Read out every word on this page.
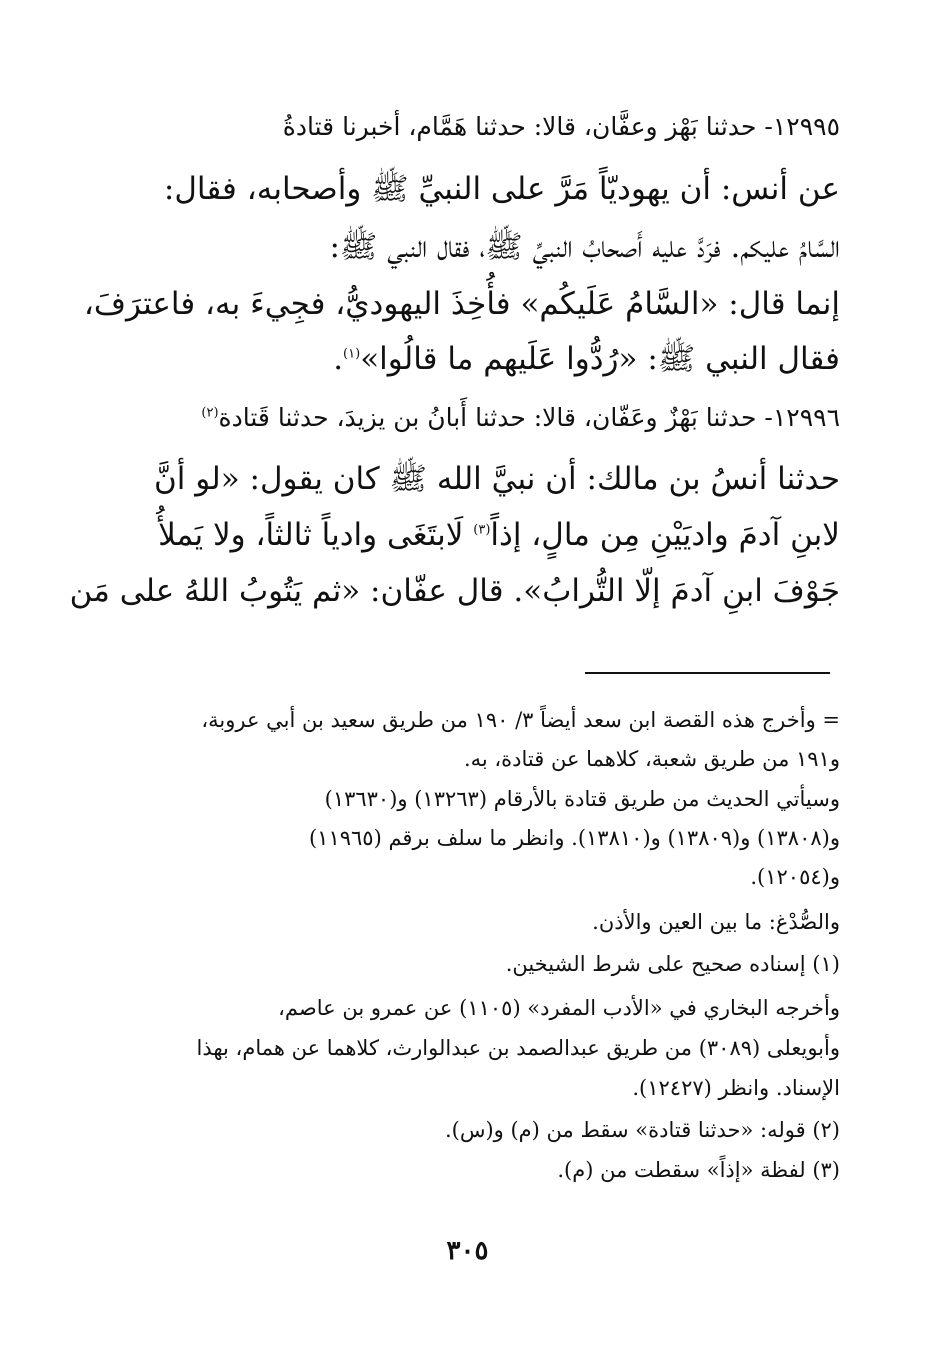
١٢٩٩٥- حدثنا بَهْز وعفَّان، قالا: حدثنا هَمَّام، أخبرنا قتادةُ
عن أنس: أن يهوديّاً مَرَّ على النبيِّ ﷺ وأصحابه، فقال:
السَّامُ عليكم. فرَدَّ عليه أَصحابُ النبيِّ ﷺ، فقال النبي ﷺ:
إنما قال: «السَّامُ عَلَيكُم» فأُخِذَ اليهوديُّ، فجِيءَ به، فاعترَفَ،
فقال النبي ﷺ: «رُدُّوا عَلَيهم ما قالُوا»$^{(١)}$.
١٢٩٩٦- حدثنا بَهْزٌ وعَفّان، قالا: حدثنا أَبانُ بن يزيدَ، حدثنا قَتادة$^{(٢)}$
حدثنا أنسُ بن مالك: أن نبيَّ الله ﷺ كان يقول: «لو أنَّ
لابنِ آدمَ واديَيْنِ مِن مالٍ، إذاً$^{(٣)}$ لَابتَغَى وادياً ثالثاً، ولا يَملأُ
جَوْفَ ابنِ آدمَ إلّا التُّرابُ». قال عفّان: «ثم يَتُوبُ اللهُ على مَن
= وأخرج هذه القصة ابن سعد أيضاً ٣/ ١٩٠ من طريق سعيد بن أبي عروبة،
و١٩١ من طريق شعبة، كلاهما عن قتادة، به.
وسيأتي الحديث من طريق قتادة بالأرقام (١٣٢٦٣) و(١٣٦٣٠)
و(١٣٨٠٨) و(١٣٨٠٩) و(١٣٨١٠). وانظر ما سلف برقم (١١٩٦٥)
و(١٢٠٥٤).
والصُّدْغ: ما بين العين والأذن.
(١) إسناده صحيح على شرط الشيخين.
وأخرجه البخاري في «الأدب المفرد» (١١٠٥) عن عمرو بن عاصم،
وأبويعلى (٣٠٨٩) من طريق عبدالصمد بن عبدالوارث، كلاهما عن همام، بهذا
الإسناد. وانظر (١٢٤٢٧).
(٢) قوله: «حدثنا قتادة» سقط من (م) و(س).
(٣) لفظة «إذاً» سقطت من (م).
٣٠٥
